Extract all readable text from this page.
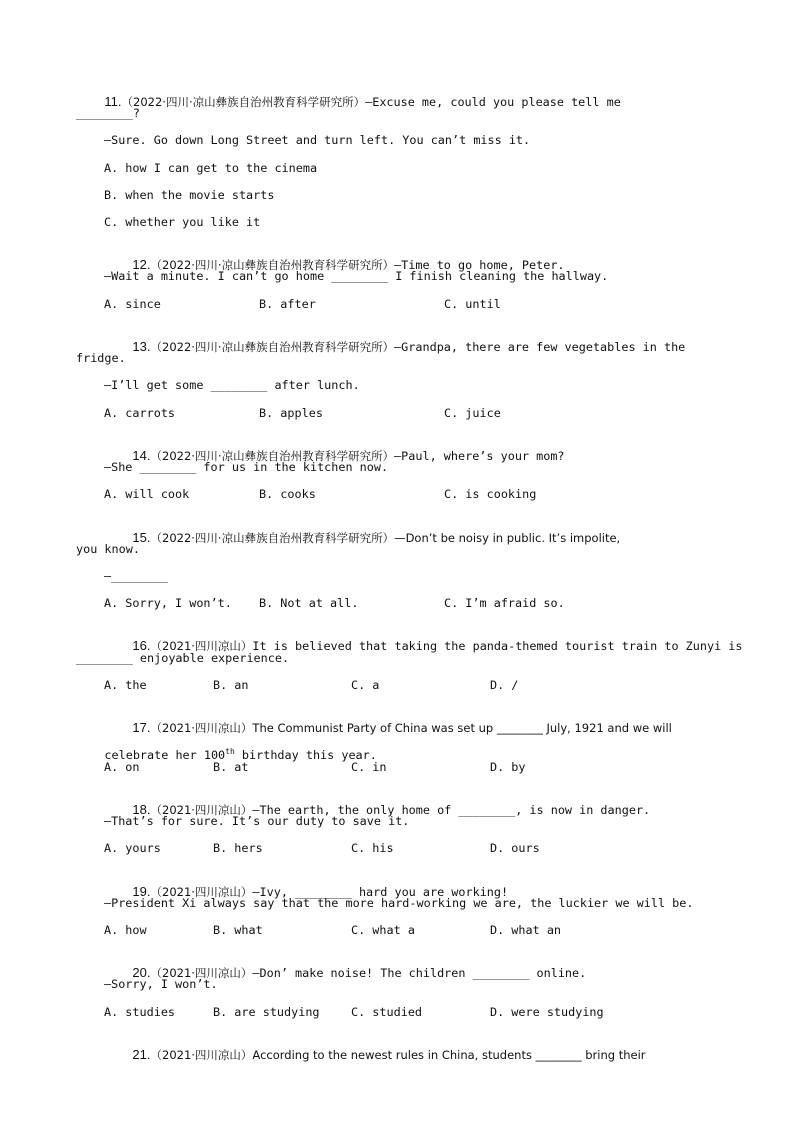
11.（2022·四川·凉山彝族自治州教育科学研究所）—Excuse me, could you please tell me

________?
—Sure. Go down Long Street and turn left. You can’t miss it.
A. how I can get to the cinema
B. when the movie starts
C. whether you like it

12.（2022·四川·凉山彝族自治州教育科学研究所）—Time to go home, Peter.

—Wait a minute. I can’t go home ________ I finish cleaning the hallway.
A. since	B. after	C. until

13.（2022·四川·凉山彝族自治州教育科学研究所）—Grandpa, there are few vegetables in the

fridge.
—I’ll get some ________ after lunch.
A. carrots	B. apples	C. juice

14.（2022·四川·凉山彝族自治州教育科学研究所）—Paul, where’s your mom?

—She ________ for us in the kitchen now.
A. will cook	B. cooks	C. is cooking

15.（2022·四川·凉山彝族自治州教育科学研究所）—Don’t be noisy in public. It’s impolite,

you know.
—________
A. Sorry, I won’t. B. Not at all.	C. I’m afraid so.

16.（2021·四川凉山）It is believed that taking the panda-themed tourist train to Zunyi is

________ enjoyable experience.
A. the	B. an	C. a	D. /

17.（2021·四川凉山）The Communist Party of China was set up ________ July, 1921 and we will

celebrate her 100th birthday this year.

A. on	B. at	C. in	D. by

18.（2021·四川凉山）—The earth, the only home of ________, is now in danger.

—That’s for sure. It’s our duty to save it.
A. yours	B. hers	C. his	D. ours

19.（2021·四川凉山）—Ivy, ________ hard you are working!

—President Xi always say that the more hard-working we are, the luckier we will be.
A. how	B. what	C. what a	D. what an

20.（2021·四川凉山）—Don’ make noise! The children ________ online.

—Sorry, I won’t.
A. studies	B. are studying	C. studied	D. were studying

21.（2021·四川凉山）According to the newest rules in China, students ________ bring their
